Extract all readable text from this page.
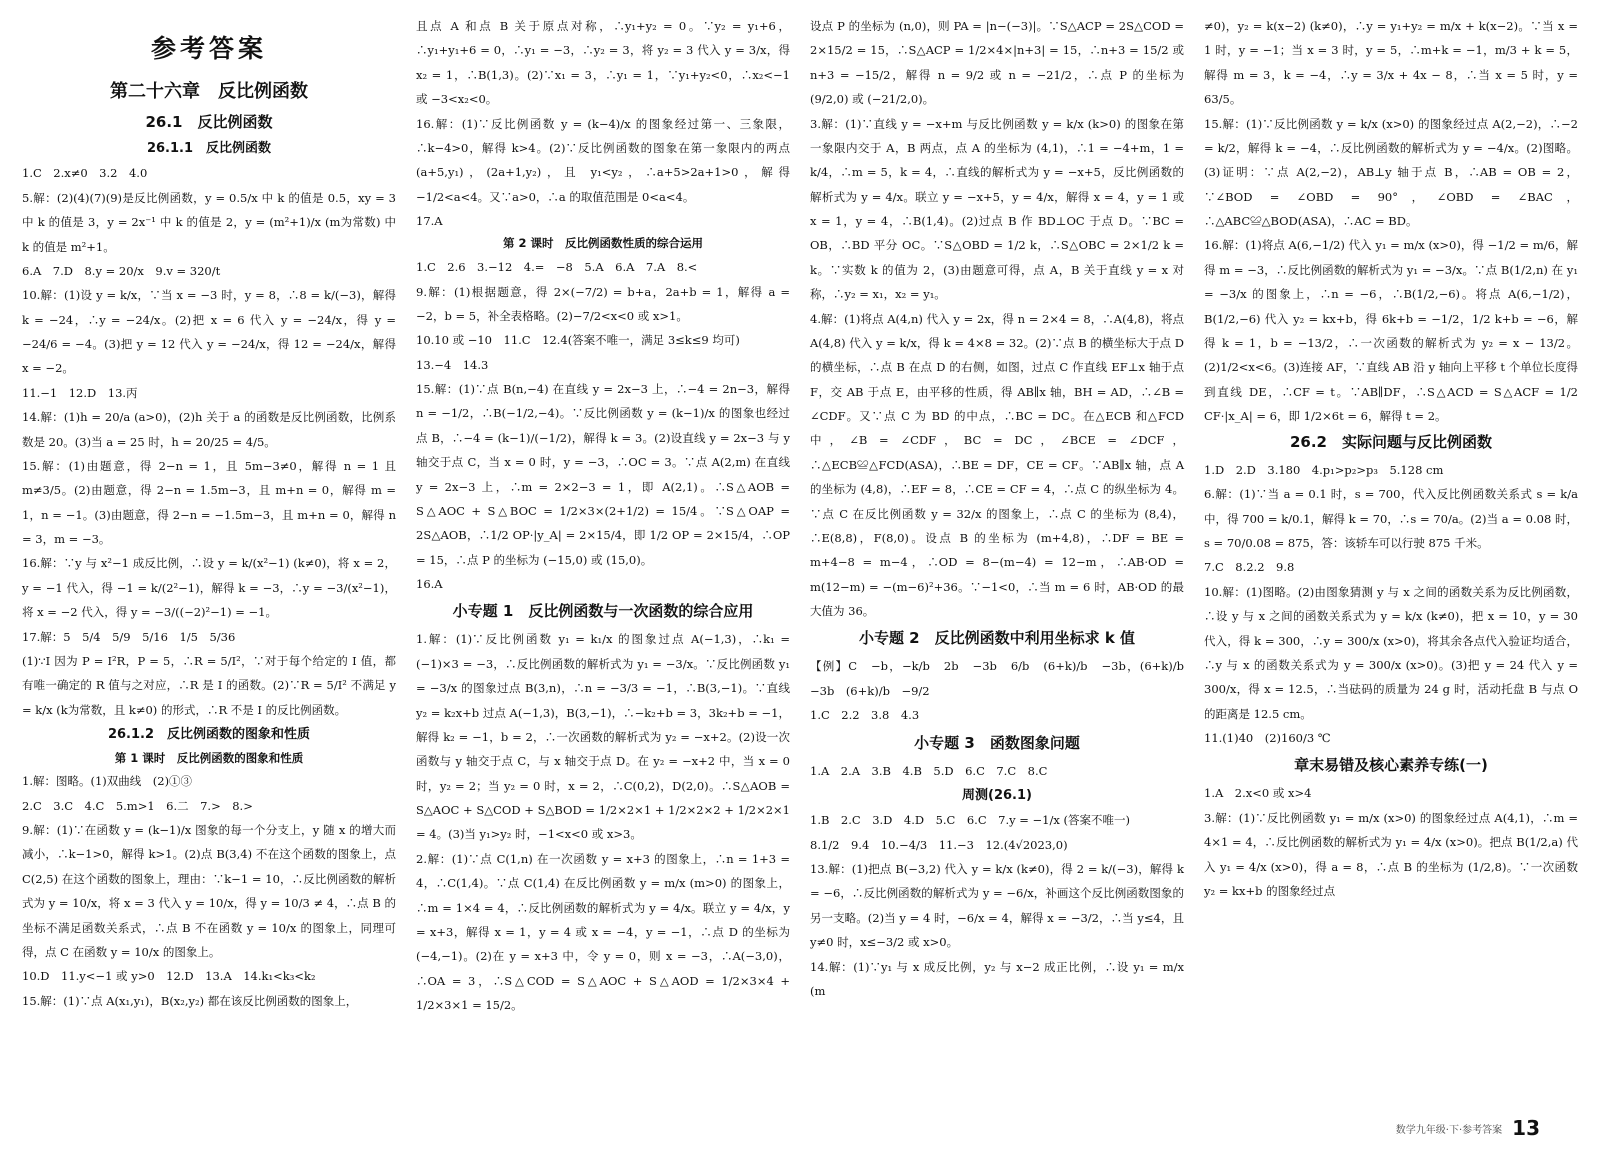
参考答案
第二十六章　反比例函数
26.1　反比例函数
26.1.1　反比例函数

1.C　2.x≠0　3.2　4.0

5.解：(2)(4)(7)(9)是反比例函数，y = 0.5/x 中 k 的值是 0.5，xy = 3 中 k 的值是 3，y = 2x⁻¹ 中 k 的值是 2，y = (m²+1)/x (m为常数) 中 k 的值是 m²+1。

6.A　7.D　8.y = 20/x　9.v = 320/t

10.解：(1)设 y = k/x，∵当 x = −3 时，y = 8，∴8 = k/(−3)，解得 k = −24，∴y = −24/x。(2)把 x = 6 代入 y = −24/x，得 y = −24/6 = −4。(3)把 y = 12 代入 y = −24/x，得 12 = −24/x，解得 x = −2。

11.−1　12.D　13.丙

14.解：(1)h = 20/a (a>0)，(2)h 关于 a 的函数是反比例函数，比例系数是 20。(3)当 a = 25 时，h = 20/25 = 4/5。

15.解：(1)由题意，得 2−n = 1，且 5m−3≠0，解得 n = 1 且 m≠3/5。(2)由题意，得 2−n = 1.5m−3，且 m+n = 0，解得 m = 1，n = −1。(3)由题意，得 2−n = −1.5m−3，且 m+n = 0，解得 n = 3，m = −3。

16.解：∵y 与 x²−1 成反比例，∴设 y = k/(x²−1) (k≠0)，将 x = 2，y = −1 代入，得 −1 = k/(2²−1)，解得 k = −3，∴y = −3/(x²−1)，将 x = −2 代入，得 y = −3/((−2)²−1) = −1。

17.解：5　5/4　5/9　5/16　1/5　5/36

(1)∵I 因为 P = I²R，P = 5，∴R = 5/I²，∵对于每个给定的 I 值，都有唯一确定的 R 值与之对应，∴R 是 I 的函数。(2)∵R = 5/I² 不满足 y = k/x (k为常数，且 k≠0) 的形式，∴R 不是 I 的反比例函数。

26.1.2　反比例函数的图象和性质
第 1 课时　反比例函数的图象和性质

1.解：图略。(1)双曲线　(2)①③

2.C　3.C　4.C　5.m>1　6.二　7.>　8.>

9.解：(1)∵在函数 y = (k−1)/x 图象的每一个分支上，y 随 x 的增大而减小，∴k−1>0，解得 k>1。(2)点 B(3,4) 不在这个函数的图象上，点 C(2,5) 在这个函数的图象上，理由：∵k−1 = 10，∴反比例函数的解析式为 y = 10/x，将 x = 3 代入 y = 10/x，得 y = 10/3 ≠ 4，∴点 B 的坐标不满足函数关系式，∴点 B 不在函数 y = 10/x 的图象上，同理可得，点 C 在函数 y = 10/x 的图象上。

10.D　11.y<−1 或 y>0　12.D　13.A　14.k₁<k₃<k₂

15.解：(1)∵点 A(x₁,y₁)，B(x₂,y₂) 都在该反比例函数的图象上，

且点 A 和点 B 关于原点对称，∴y₁+y₂ = 0。∵y₂ = y₁+6，∴y₁+y₁+6 = 0，∴y₁ = −3，∴y₂ = 3，将 y₂ = 3 代入 y = 3/x，得 x₂ = 1，∴B(1,3)。(2)∵x₁ = 3，∴y₁ = 1，∵y₁+y₂<0，∴x₂<−1 或 −3<x₂<0。

16.解：(1)∵反比例函数 y = (k−4)/x 的图象经过第一、三象限，∴k−4>0，解得 k>4。(2)∵反比例函数的图象在第一象限内的两点 (a+5,y₁)，(2a+1,y₂)，且 y₁<y₂，∴a+5>2a+1>0，解得 −1/2<a<4。又∵a>0，∴a 的取值范围是 0<a<4。

17.A

第 2 课时　反比例函数性质的综合运用

1.C　2.6　3.−12　4.=　−8　5.A　6.A　7.A　8.<

9.解：(1)根据题意，得 2×(−7/2) = b+a，2a+b = 1，解得 a = −2，b = 5，补全表格略。(2)−7/2<x<0 或 x>1。

10.10 或 −10　11.C　12.4(答案不唯一，满足 3≤k≤9 均可)

13.−4　14.3

15.解：(1)∵点 B(n,−4) 在直线 y = 2x−3 上，∴−4 = 2n−3，解得 n = −1/2，∴B(−1/2,−4)。∵反比例函数 y = (k−1)/x 的图象也经过点 B，∴−4 = (k−1)/(−1/2)，解得 k = 3。(2)设直线 y = 2x−3 与 y 轴交于点 C，当 x = 0 时，y = −3，∴OC = 3。∵点 A(2,m) 在直线 y = 2x−3 上，∴m = 2×2−3 = 1，即 A(2,1)。∴S△AOB = S△AOC + S△BOC = 1/2×3×(2+1/2) = 15/4。∵S△OAP = 2S△AOB，∴1/2 OP·|y_A| = 2×15/4，即 1/2 OP = 2×15/4，∴OP = 15，∴点 P 的坐标为 (−15,0) 或 (15,0)。

16.A

小专题 1　反比例函数与一次函数的综合应用

1.解：(1)∵反比例函数 y₁ = k₁/x 的图象过点 A(−1,3)，∴k₁ = (−1)×3 = −3，∴反比例函数的解析式为 y₁ = −3/x。∵反比例函数 y₁ = −3/x 的图象过点 B(3,n)，∴n = −3/3 = −1，∴B(3,−1)。∵直线 y₂ = k₂x+b 过点 A(−1,3)，B(3,−1)，∴−k₂+b = 3，3k₂+b = −1，解得 k₂ = −1，b = 2，∴一次函数的解析式为 y₂ = −x+2。(2)设一次函数与 y 轴交于点 C，与 x 轴交于点 D。在 y₂ = −x+2 中，当 x = 0 时，y₂ = 2；当 y₂ = 0 时，x = 2，∴C(0,2)，D(2,0)。∴S△AOB = S△AOC + S△COD + S△BOD = 1/2×2×1 + 1/2×2×2 + 1/2×2×1 = 4。(3)当 y₁>y₂ 时，−1<x<0 或 x>3。

2.解：(1)∵点 C(1,n) 在一次函数 y = x+3 的图象上，∴n = 1+3 = 4，∴C(1,4)。∵点 C(1,4) 在反比例函数 y = m/x (m>0) 的图象上，∴m = 1×4 = 4，∴反比例函数的解析式为 y = 4/x。联立 y = 4/x，y = x+3，解得 x = 1，y = 4 或 x = −4，y = −1，∴点 D 的坐标为 (−4,−1)。(2)在 y = x+3 中，令 y = 0，则 x = −3，∴A(−3,0)，∴OA = 3，∴S△COD = S△AOC + S△AOD = 1/2×3×4 + 1/2×3×1 = 15/2。

设点 P 的坐标为 (n,0)，则 PA = |n−(−3)|。∵S△ACP = 2S△COD = 2×15/2 = 15，∴S△ACP = 1/2×4×|n+3| = 15，∴n+3 = 15/2 或 n+3 = −15/2，解得 n = 9/2 或 n = −21/2，∴点 P 的坐标为 (9/2,0) 或 (−21/2,0)。

3.解：(1)∵直线 y = −x+m 与反比例函数 y = k/x (k>0) 的图象在第一象限内交于 A，B 两点，点 A 的坐标为 (4,1)，∴1 = −4+m，1 = k/4，∴m = 5，k = 4，∴直线的解析式为 y = −x+5，反比例函数的解析式为 y = 4/x。联立 y = −x+5，y = 4/x，解得 x = 4，y = 1 或 x = 1，y = 4，∴B(1,4)。(2)过点 B 作 BD⊥OC 于点 D。∵BC = OB，∴BD 平分 OC。∵S△OBD = 1/2 k，∴S△OBC = 2×1/2 k = k。∵实数 k 的值为 2，(3)由题意可得，点 A，B 关于直线 y = x 对称，∴y₂ = x₁，x₂ = y₁。

4.解：(1)将点 A(4,n) 代入 y = 2x，得 n = 2×4 = 8，∴A(4,8)，将点 A(4,8) 代入 y = k/x，得 k = 4×8 = 32。(2)∵点 B 的横坐标大于点 D 的横坐标，∴点 B 在点 D 的右侧，如图，过点 C 作直线 EF⊥x 轴于点 F，交 AB 于点 E，由平移的性质，得 AB∥x 轴，BH = AD，∴∠B = ∠CDF。又∵点 C 为 BD 的中点，∴BC = DC。在△ECB 和△FCD 中，∠B = ∠CDF，BC = DC，∠BCE = ∠DCF，∴△ECB≌△FCD(ASA)，∴BE = DF，CE = CF。∵AB∥x 轴，点 A 的坐标为 (4,8)，∴EF = 8，∴CE = CF = 4，∴点 C 的纵坐标为 4。∵点 C 在反比例函数 y = 32/x 的图象上，∴点 C 的坐标为 (8,4)，∴E(8,8)，F(8,0)。设点 B 的坐标为 (m+4,8)，∴DF = BE = m+4−8 = m−4，∴OD = 8−(m−4) = 12−m，∴AB·OD = m(12−m) = −(m−6)²+36。∵−1<0，∴当 m = 6 时，AB·OD 的最大值为 36。

小专题 2　反比例函数中利用坐标求 k 值

【例】C　−b，−k/b　2b　−3b　6/b　(6+k)/b　−3b，(6+k)/b　−3b　(6+k)/b　−9/2

1.C　2.2　3.8　4.3

小专题 3　函数图象问题

1.A　2.A　3.B　4.B　5.D　6.C　7.C　8.C

周测(26.1)

1.B　2.C　3.D　4.D　5.C　6.C　7.y = −1/x (答案不唯一)

8.1/2　9.4　10.−4/3　11.−3　12.(4√2023,0)

13.解：(1)把点 B(−3,2) 代入 y = k/x (k≠0)，得 2 = k/(−3)，解得 k = −6，∴反比例函数的解析式为 y = −6/x，补画这个反比例函数图象的另一支略。(2)当 y = 4 时，−6/x = 4，解得 x = −3/2，∴当 y≤4，且 y≠0 时，x≤−3/2 或 x>0。

14.解：(1)∵y₁ 与 x 成反比例，y₂ 与 x−2 成正比例，∴设 y₁ = m/x (m

≠0)，y₂ = k(x−2) (k≠0)，∴y = y₁+y₂ = m/x + k(x−2)。∵当 x = 1 时，y = −1；当 x = 3 时，y = 5，∴m+k = −1，m/3 + k = 5，解得 m = 3，k = −4，∴y = 3/x + 4x − 8，∴当 x = 5 时，y = 63/5。

15.解：(1)∵反比例函数 y = k/x (x>0) 的图象经过点 A(2,−2)，∴−2 = k/2，解得 k = −4，∴反比例函数的解析式为 y = −4/x。(2)图略。(3)证明：∵点 A(2,−2)，AB⊥y 轴于点 B，∴AB = OB = 2，∵∠BOD = ∠OBD = 90°，∠OBD = ∠BAC，∴△ABC≌△BOD(ASA)，∴AC = BD。

16.解：(1)将点 A(6,−1/2) 代入 y₁ = m/x (x>0)，得 −1/2 = m/6，解得 m = −3，∴反比例函数的解析式为 y₁ = −3/x。∵点 B(1/2,n) 在 y₁ = −3/x 的图象上，∴n = −6，∴B(1/2,−6)。将点 A(6,−1/2)，B(1/2,−6) 代入 y₂ = kx+b，得 6k+b = −1/2，1/2 k+b = −6，解得 k = 1，b = −13/2，∴一次函数的解析式为 y₂ = x − 13/2。(2)1/2<x<6。(3)连接 AF，∵直线 AB 沿 y 轴向上平移 t 个单位长度得到直线 DE，∴CF = t。∵AB∥DF，∴S△ACD = S△ACF = 1/2 CF·|x_A| = 6，即 1/2×6t = 6，解得 t = 2。

26.2　实际问题与反比例函数

1.D　2.D　3.180　4.p₁>p₂>p₃　5.128 cm

6.解：(1)∵当 a = 0.1 时，s = 700，代入反比例函数关系式 s = k/a 中，得 700 = k/0.1，解得 k = 70，∴s = 70/a。(2)当 a = 0.08 时，s = 70/0.08 = 875，答：该轿车可以行驶 875 千米。

7.C　8.2.2　9.8

10.解：(1)图略。(2)由图象猜测 y 与 x 之间的函数关系为反比例函数，∴设 y 与 x 之间的函数关系式为 y = k/x (k≠0)，把 x = 10，y = 30 代入，得 k = 300，∴y = 300/x (x>0)，将其余各点代入验证均适合，∴y 与 x 的函数关系式为 y = 300/x (x>0)。(3)把 y = 24 代入 y = 300/x，得 x = 12.5，∴当砝码的质量为 24 g 时，活动托盘 B 与点 O 的距离是 12.5 cm。

11.(1)40　(2)160/3 ℃

章末易错及核心素养专练(一)

1.A　2.x<0 或 x>4

3.解：(1)∵反比例函数 y₁ = m/x (x>0) 的图象经过点 A(4,1)，∴m = 4×1 = 4，∴反比例函数的解析式为 y₁ = 4/x (x>0)。把点 B(1/2,a) 代入 y₁ = 4/x (x>0)，得 a = 8，∴点 B 的坐标为 (1/2,8)。∵一次函数 y₂ = kx+b 的图象经过点

数学九年级·下·参考答案 13
